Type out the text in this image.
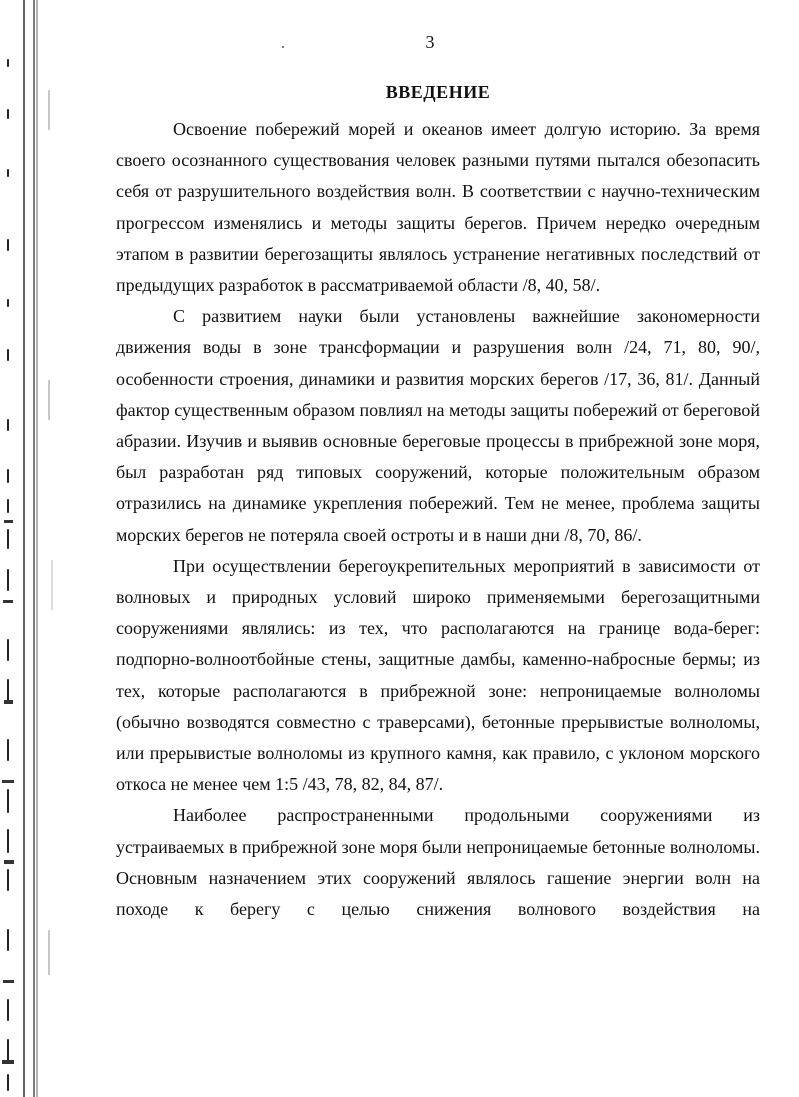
3
ВВЕДЕНИЕ

Освоение побережий морей и океанов имеет долгую историю. За время своего осознанного существования человек разными путями пытался обезопасить себя от разрушительного воздействия волн. В соответствии с научно-техническим прогрессом изменялись и методы защиты берегов. Причем нередко очередным этапом в развитии берегозащиты являлось устранение негативных последствий от предыдущих разработок в рассматриваемой области /8, 40, 58/.

С развитием науки были установлены важнейшие закономерности движения воды в зоне трансформации и разрушения волн /24, 71, 80, 90/, особенности строения, динамики и развития морских берегов /17, 36, 81/. Данный фактор существенным образом повлиял на методы защиты побережий от береговой абразии. Изучив и выявив основные береговые процессы в прибрежной зоне моря, был разработан ряд типовых сооружений, которые положительным образом отразились на динамике укрепления побережий. Тем не менее, проблема защиты морских берегов не потеряла своей остроты и в наши дни /8, 70, 86/.

При осуществлении берегоукрепительных мероприятий в зависимости от волновых и природных условий широко применяемыми берегозащитными сооружениями являлись: из тех, что располагаются на границе вода-берег: подпорно-волноотбойные стены, защитные дамбы, каменно-набросные бермы; из тех, которые располагаются в прибрежной зоне: непроницаемые волноломы (обычно возводятся совместно с траверсами), бетонные прерывистые волноломы, или прерывистые волноломы из крупного камня, как правило, с уклоном морского откоса не менее чем 1:5 /43, 78, 82, 84, 87/.

Наиболее распространенными продольными сооружениями из устраиваемых в прибрежной зоне моря были непроницаемые бетонные волноломы. Основным назначением этих сооружений являлось гашение энергии волн на походе к берегу с целью снижения волнового воздействия на
